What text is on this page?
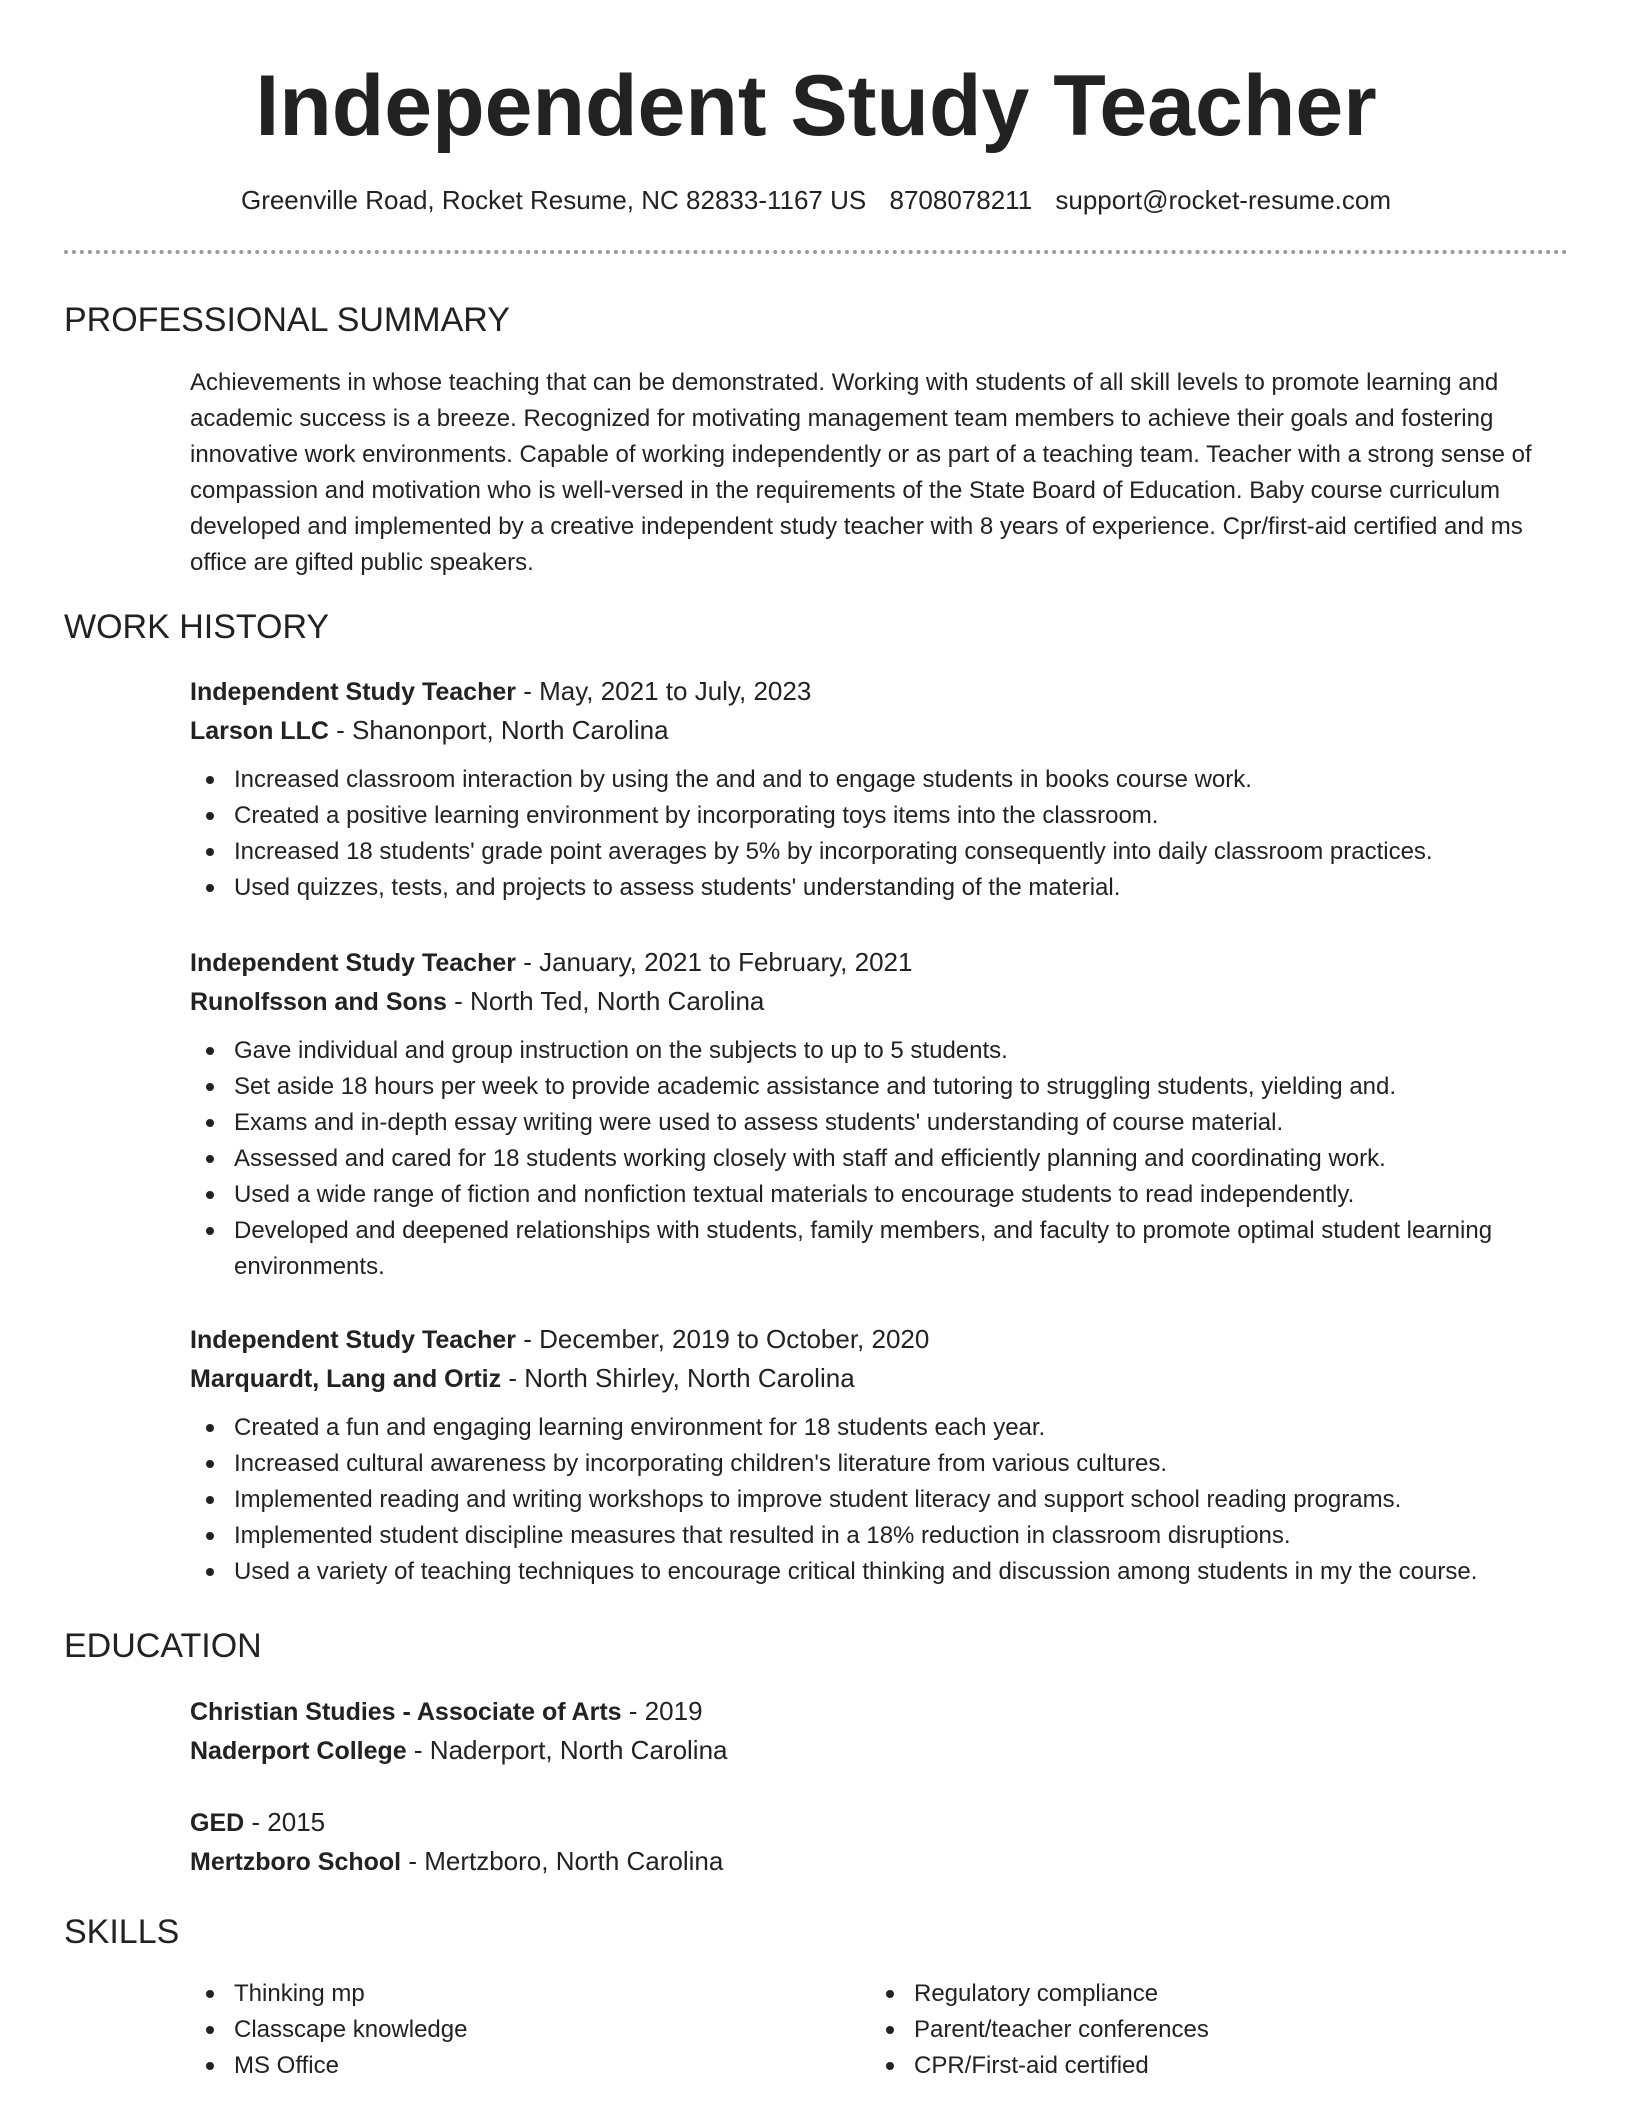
Independent Study Teacher
Greenville Road, Rocket Resume, NC 82833-1167 US 8708078211 support@rocket-resume.com
PROFESSIONAL SUMMARY

Achievements in whose teaching that can be demonstrated. Working with students of all skill levels to promote learning and academic success is a breeze. Recognized for motivating management team members to achieve their goals and fostering innovative work environments. Capable of working independently or as part of a teaching team. Teacher with a strong sense of compassion and motivation who is well-versed in the requirements of the State Board of Education. Baby course curriculum developed and implemented by a creative independent study teacher with 8 years of experience. Cpr/first-aid certified and ms office are gifted public speakers.

WORK HISTORY
Independent Study Teacher - May, 2021 to July, 2023
Larson LLC - Shanonport, North Carolina
Increased classroom interaction by using the and and to engage students in books course work.
Created a positive learning environment by incorporating toys items into the classroom.
Increased 18 students' grade point averages by 5% by incorporating consequently into daily classroom practices.
Used quizzes, tests, and projects to assess students' understanding of the material.
Independent Study Teacher - January, 2021 to February, 2021
Runolfsson and Sons - North Ted, North Carolina
Gave individual and group instruction on the subjects to up to 5 students.
Set aside 18 hours per week to provide academic assistance and tutoring to struggling students, yielding and.
Exams and in-depth essay writing were used to assess students' understanding of course material.
Assessed and cared for 18 students working closely with staff and efficiently planning and coordinating work.
Used a wide range of fiction and nonfiction textual materials to encourage students to read independently.
Developed and deepened relationships with students, family members, and faculty to promote optimal student learning environments.
Independent Study Teacher - December, 2019 to October, 2020
Marquardt, Lang and Ortiz - North Shirley, North Carolina
Created a fun and engaging learning environment for 18 students each year.
Increased cultural awareness by incorporating children's literature from various cultures.
Implemented reading and writing workshops to improve student literacy and support school reading programs.
Implemented student discipline measures that resulted in a 18% reduction in classroom disruptions.
Used a variety of teaching techniques to encourage critical thinking and discussion among students in my the course.
EDUCATION
Christian Studies - Associate of Arts - 2019
Naderport College - Naderport, North Carolina
GED - 2015
Mertzboro School - Mertzboro, North Carolina
SKILLS
Thinking mp
Classcape knowledge
MS Office
Regulatory compliance
Parent/teacher conferences
CPR/First-aid certified
